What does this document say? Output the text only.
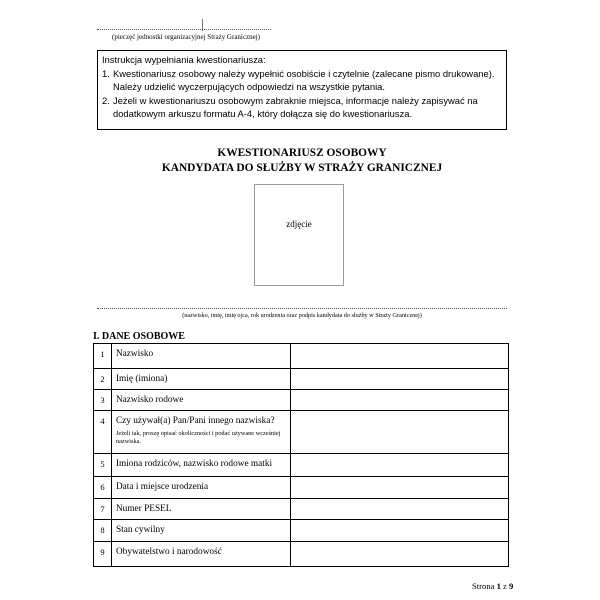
(pieczęć jednostki organizacyjnej Straży Granicznej)

Instrukcja wypełniania kwestionariusza:

1. Kwestionariusz osobowy należy wypełnić osobiście i czytelnie (zalecane pismo drukowane).
Należy udzielić wyczerpujących odpowiedzi na wszystkie pytania.
2. Jeżeli w kwestionariuszu osobowym zabraknie miejsca, informacje należy zapisywać na
dodatkowym arkuszu formatu A-4, który dołącza się do kwestionariusza.
KWESTIONARIUSZ OSOBOWY
KANDYDATA DO SŁUŻBY W STRAŻY GRANICZNEJ
zdjęcie
(nazwisko, imię, imię ojca, rok urodzenia oraz podpis kandydata do służby w Straży Granicznej)
I. DANE OSOBOWE
1	Nazwisko	
2	Imię (imiona)	
3	Nazwisko rodowe	
4	Czy używał(a) Pan/Pani innego nazwiska?
Jeżeli tak, proszę opisać okoliczności i podać używane wcześniej nazwiska.	

5	Imiona rodziców, nazwisko rodowe matki	
6	Data i miejsce urodzenia	
7	Numer PESEL	
8	Stan cywilny	
9	Obywatelstwo i narodowość	
Strona 1 z 9
